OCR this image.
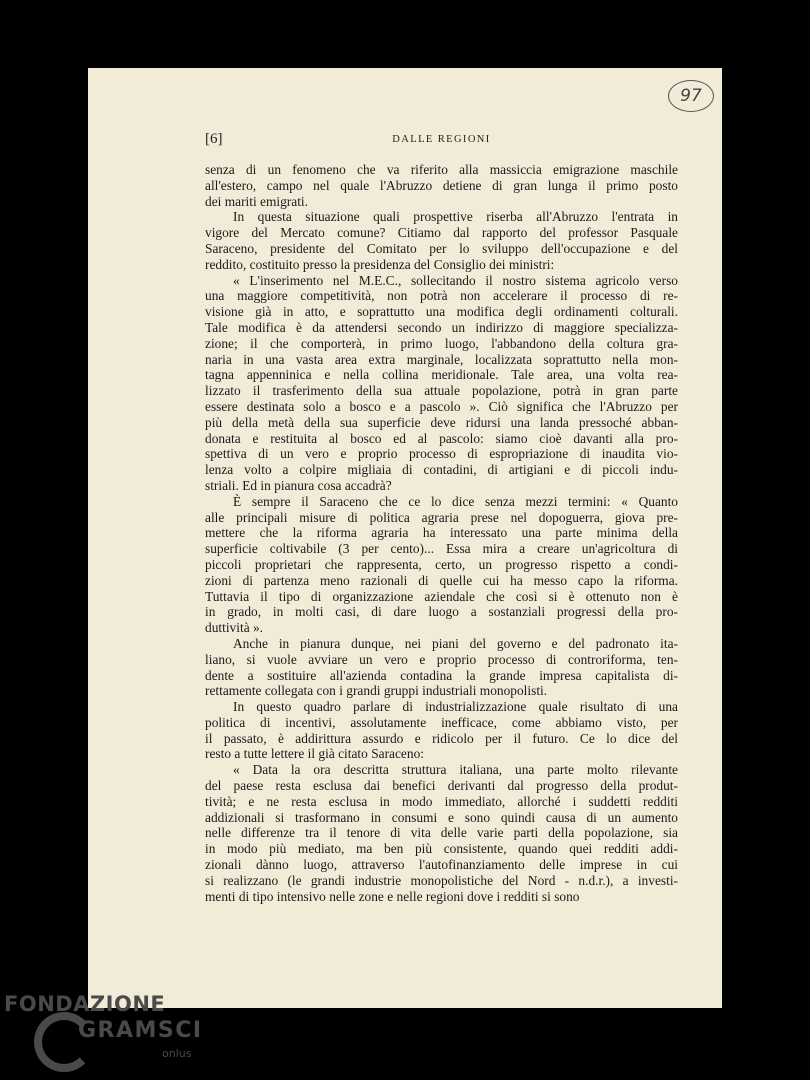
97
[6]	DALLE REGIONI
senza di un fenomeno che va riferito alla massiccia emigrazione maschile
all'estero, campo nel quale l'Abruzzo detiene di gran lunga il primo posto
dei mariti emigrati.
In questa situazione quali prospettive riserba all'Abruzzo l'entrata in
vigore del Mercato comune? Citiamo dal rapporto del professor Pasquale
Saraceno, presidente del Comitato per lo sviluppo dell'occupazione e del
reddito, costituito presso la presidenza del Consiglio dei ministri:
« L'inserimento nel M.E.C., sollecitando il nostro sistema agricolo verso
una maggiore competitività, non potrà non accelerare il processo di re-
visione già in atto, e soprattutto una modifica degli ordinamenti colturali.
Tale modifica è da attendersi secondo un indirizzo di maggiore specializza-
zione; il che comporterà, in primo luogo, l'abbandono della coltura gra-
naria in una vasta area extra marginale, localizzata soprattutto nella mon-
tagna appenninica e nella collina meridionale. Tale area, una volta rea-
lizzato il trasferimento della sua attuale popolazione, potrà in gran parte
essere destinata solo a bosco e a pascolo ». Ciò significa che l'Abruzzo per
più della metà della sua superficie deve ridursi una landa pressoché abban-
donata e restituita al bosco ed al pascolo: siamo cioè davanti alla pro-
spettiva di un vero e proprio processo di espropriazione di inaudita vio-
lenza volto a colpire migliaia di contadini, di artigiani e di piccoli indu-
striali. Ed in pianura cosa accadrà?
È sempre il Saraceno che ce lo dice senza mezzi termini: « Quanto
alle principali misure di politica agraria prese nel dopoguerra, giova pre-
mettere che la riforma agraria ha interessato una parte minima della
superficie coltivabile (3 per cento)... Essa mira a creare un'agricoltura di
piccoli proprietari che rappresenta, certo, un progresso rispetto a condi-
zioni di partenza meno razionali di quelle cui ha messo capo la riforma.
Tuttavia il tipo di organizzazione aziendale che così si è ottenuto non è
in grado, in molti casi, di dare luogo a sostanziali progressi della pro-
duttività ».
Anche in pianura dunque, nei piani del governo e del padronato ita-
liano, si vuole avviare un vero e proprio processo di controriforma, ten-
dente a sostituire all'azienda contadina la grande impresa capitalista di-
rettamente collegata con i grandi gruppi industriali monopolisti.
In questo quadro parlare di industrializzazione quale risultato di una
politica di incentivi, assolutamente inefficace, come abbiamo visto, per
il passato, è addirittura assurdo e ridicolo per il futuro. Ce lo dice del
resto a tutte lettere il già citato Saraceno:
« Data la ora descritta struttura italiana, una parte molto rilevante
del paese resta esclusa dai benefici derivanti dal progresso della produt-
tività; e ne resta esclusa in modo immediato, allorché i suddetti redditi
addizionali si trasformano in consumi e sono quindi causa di un aumento
nelle differenze tra il tenore di vita delle varie parti della popolazione, sia
in modo più mediato, ma ben più consistente, quando quei redditi addi-
zionali dànno luogo, attraverso l'autofinanziamento delle imprese in cui
si realizzano (le grandi industrie monopolistiche del Nord - n.d.r.), a investi-
menti di tipo intensivo nelle zone e nelle regioni dove i redditi si sono
FONDAZIONE
GRAMSCI
onlus
